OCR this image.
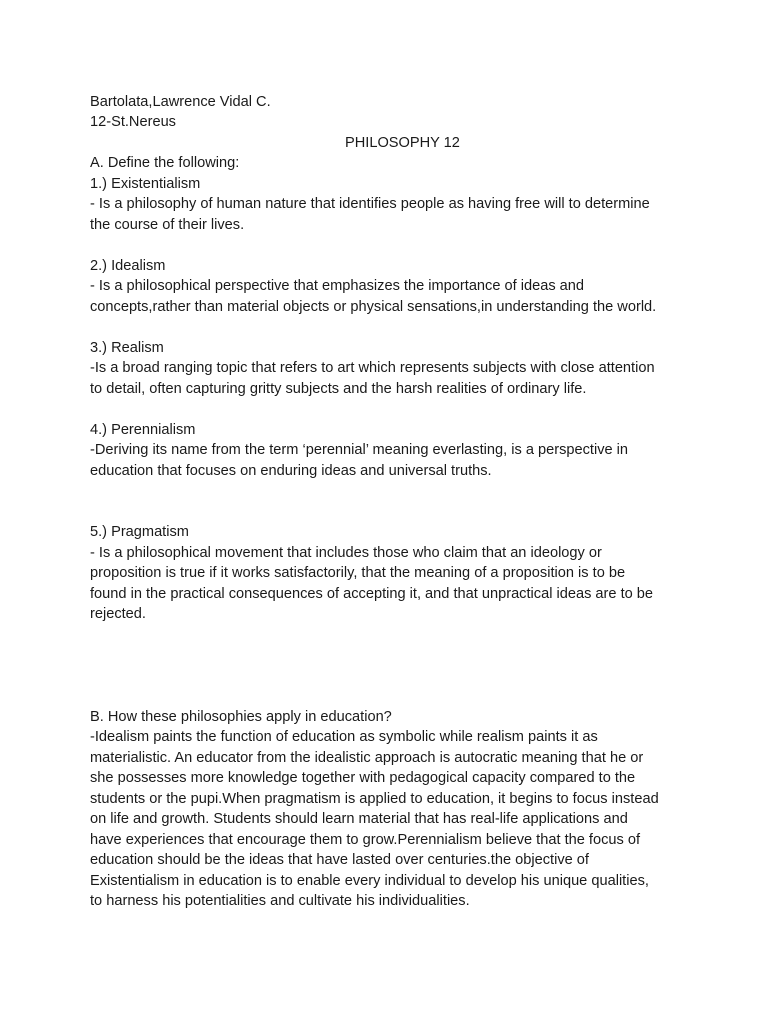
Bartolata,Lawrence Vidal C.
12-St.Nereus
PHILOSOPHY 12
A. Define the following:
1.) Existentialism
- Is a philosophy of human nature that identifies people as having free will to determine
the course of their lives.
2.) Idealism
- Is a philosophical perspective that emphasizes the importance of ideas and
concepts,rather than material objects or physical sensations,in understanding the world.
3.) Realism
-Is a broad ranging topic that refers to art which represents subjects with close attention
to detail, often capturing gritty subjects and the harsh realities of ordinary life.
4.) Perennialism
-Deriving its name from the term ‘perennial’ meaning everlasting, is a perspective in
education that focuses on enduring ideas and universal truths.
5.) Pragmatism
- Is a philosophical movement that includes those who claim that an ideology or
proposition is true if it works satisfactorily, that the meaning of a proposition is to be
found in the practical consequences of accepting it, and that unpractical ideas are to be
rejected.
B. How these philosophies apply in education?
-Idealism paints the function of education as symbolic while realism paints it as
materialistic. An educator from the idealistic approach is autocratic meaning that he or
she possesses more knowledge together with pedagogical capacity compared to the
students or the pupi.When pragmatism is applied to education, it begins to focus instead
on life and growth. Students should learn material that has real-life applications and
have experiences that encourage them to grow.Perennialism believe that the focus of
education should be the ideas that have lasted over centuries.the objective of
Existentialism in education is to enable every individual to develop his unique qualities,
to harness his potentialities and cultivate his individualities.
